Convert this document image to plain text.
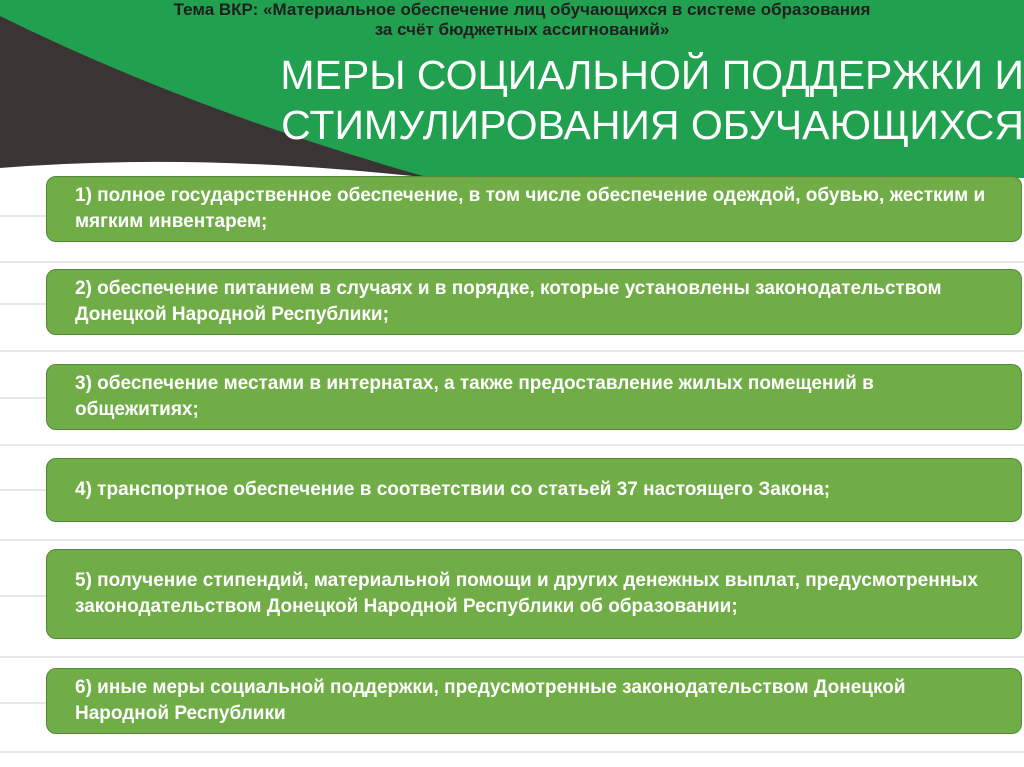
Тема ВКР: «Материальное обеспечение лиц обучающихся в системе образования
за счёт бюджетных ассигнований»
МЕРЫ СОЦИАЛЬНОЙ ПОДДЕРЖКИ И
СТИМУЛИРОВАНИЯ ОБУЧАЮЩИХСЯ
1) полное государственное обеспечение, в том числе обеспечение одеждой, обувью, жестким и мягким инвентарем;
2) обеспечение питанием в случаях и в порядке, которые установлены законодательством Донецкой Народной Республики;
3) обеспечение местами в интернатах, а также предоставление жилых помещений в общежитиях;
4) транспортное обеспечение в соответствии со статьей 37 настоящего Закона;
5) получение стипендий, материальной помощи и других денежных выплат, предусмотренных законодательством Донецкой Народной Республики об образовании;
6) иные меры социальной поддержки, предусмотренные законодательством Донецкой Народной Республики
